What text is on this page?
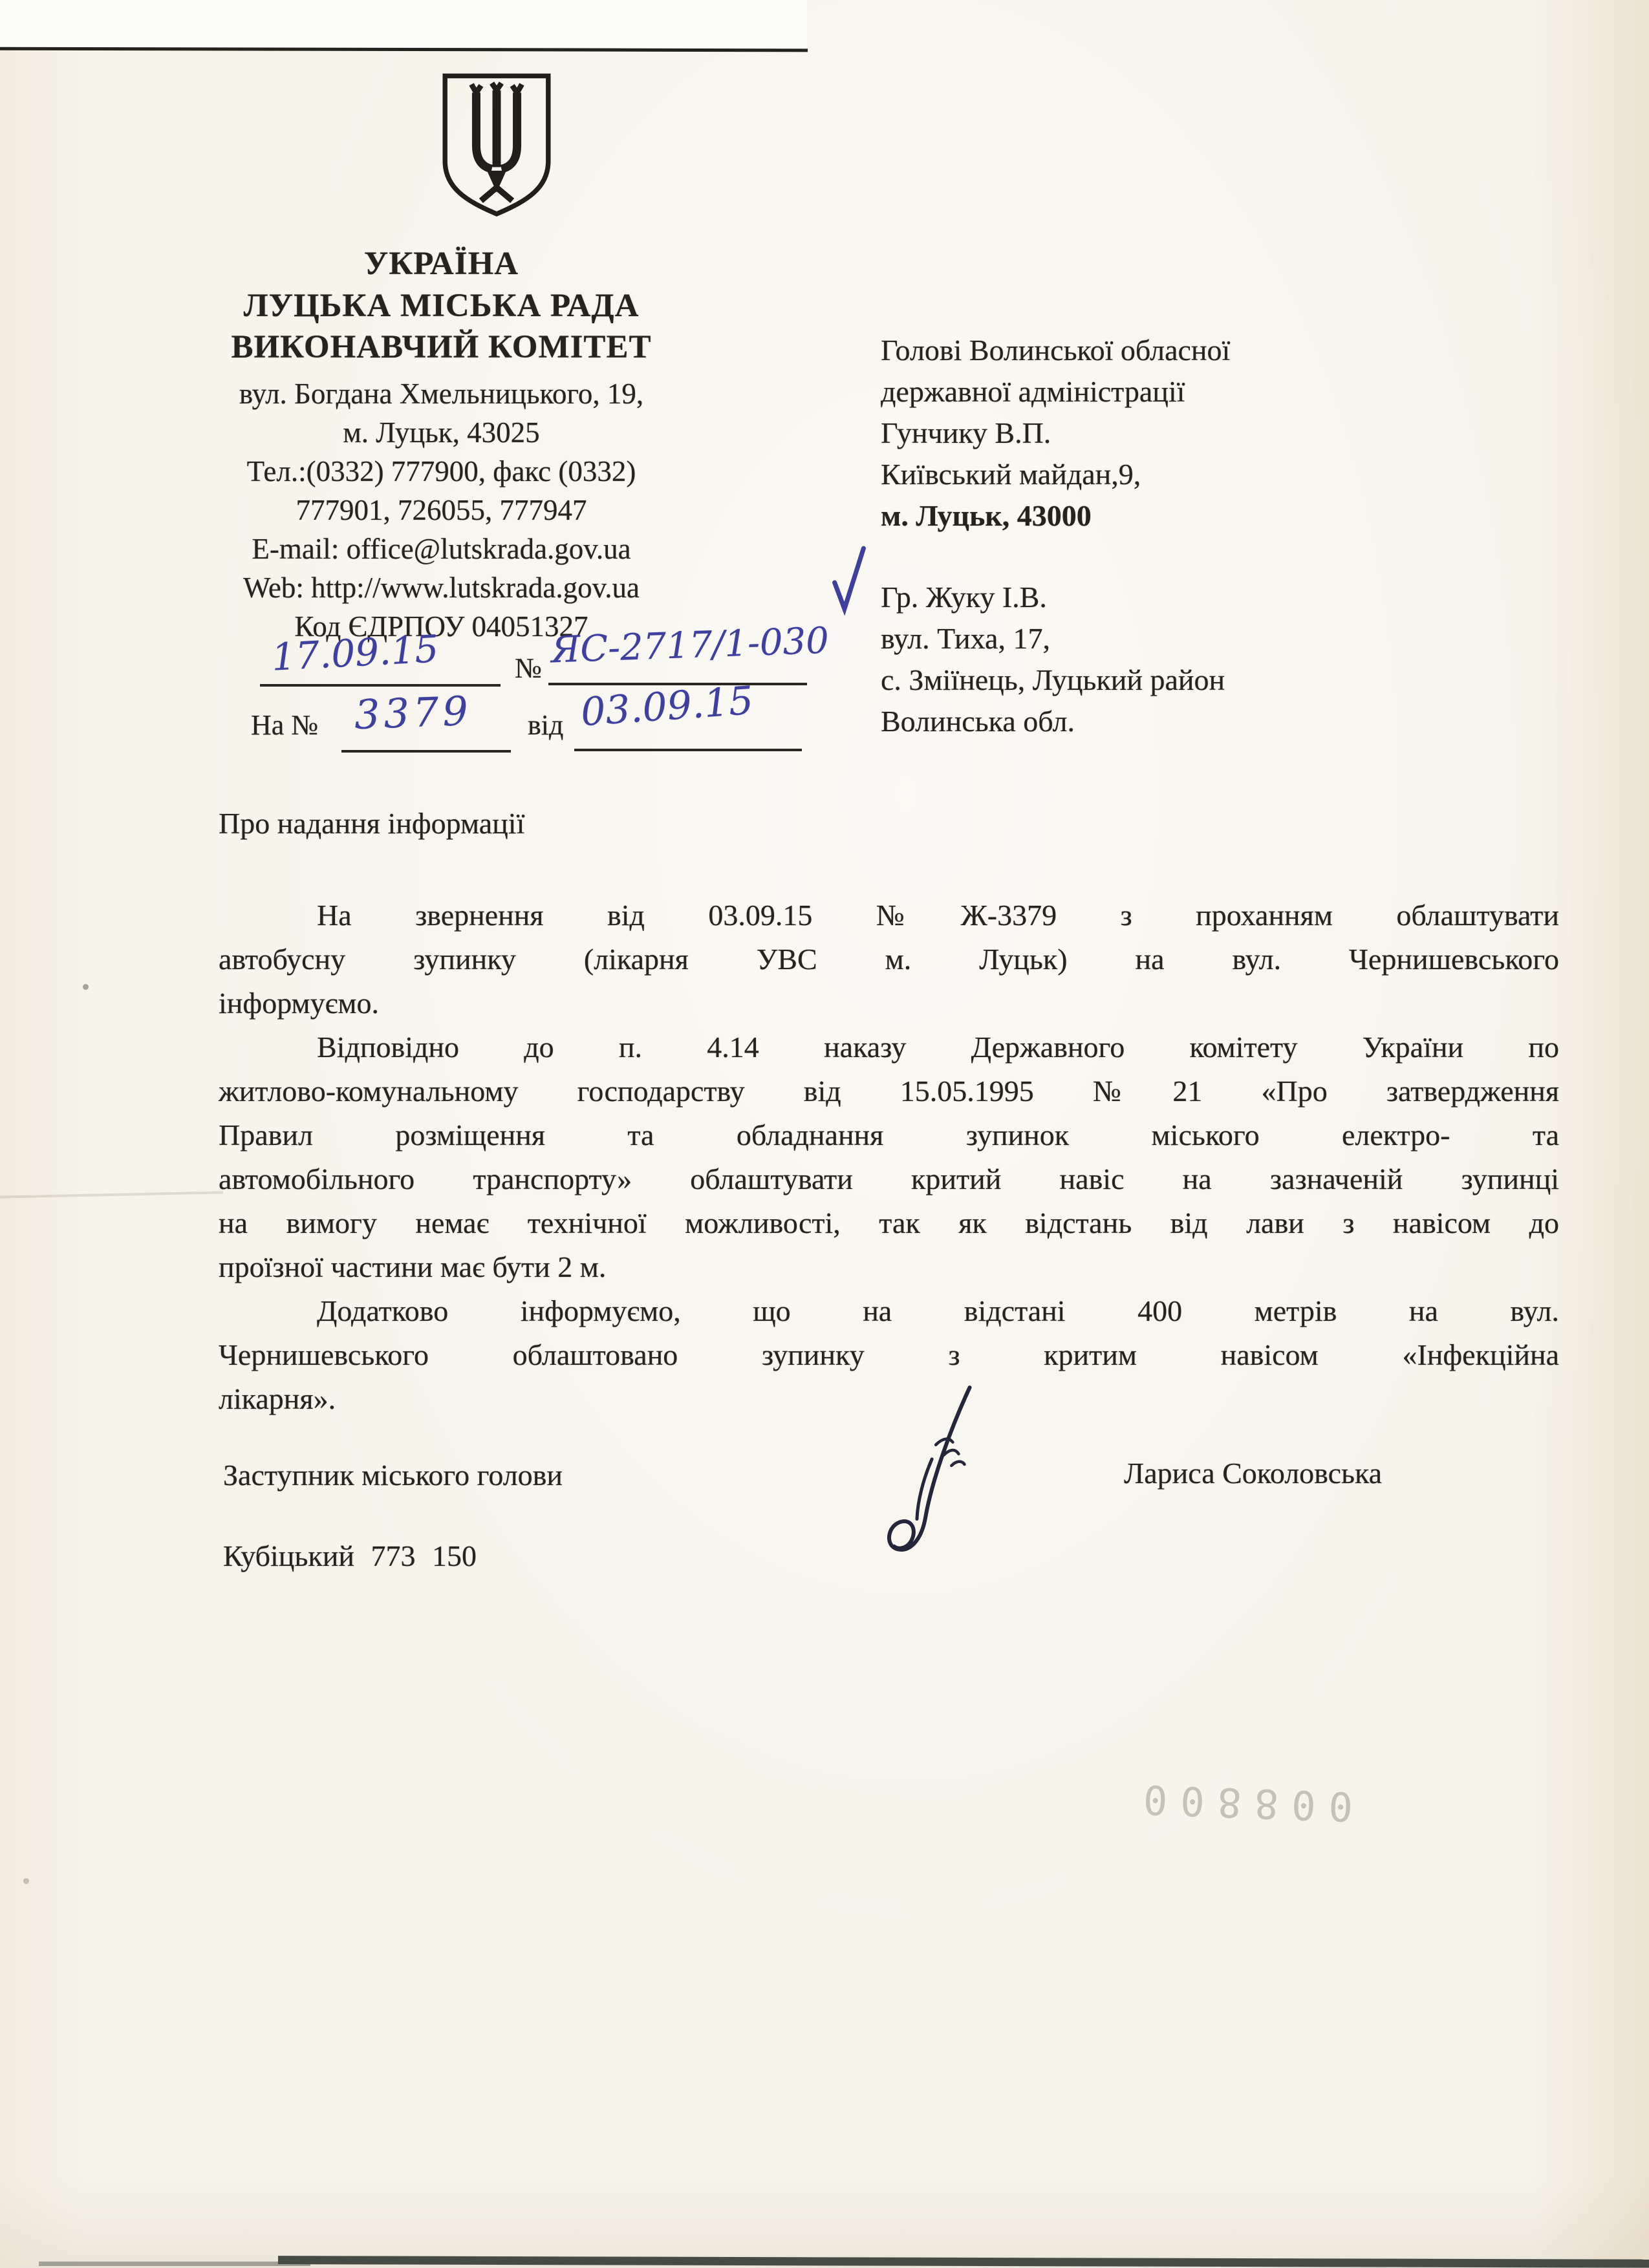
УКРАЇНА
ЛУЦЬКА МІСЬКА РАДА
ВИКОНАВЧИЙ КОМІТЕТ
вул. Богдана Хмельницького, 19,
м. Луцьк, 43025
Тел.:(0332) 777900, факс (0332)
777901, 726055, 777947
E-mail: office@lutskrada.gov.ua
Web: http://www.lutskrada.gov.ua
Код ЄДРПОУ 04051327
17.09.15	№ ЯС-2717/1-030
На № 3379 від 03.09.15
Голові Волинської обласної
державної адміністрації
Гунчику В.П.
Київський майдан,9,
м. Луцьк, 43000
Гр. Жуку І.В.
вул. Тиха, 17,
с. Зміїнець, Луцький район
Волинська обл.
Про надання інформації
На звернення від 03.09.15 №Ж-3379 з проханням облаштувати
автобусну зупинку (лікарня УВС м. Луцьк) на вул. Чернишевського
інформуємо.
Відповідно до п. 4.14 наказу Державного комітету України по
житлово-комунальному господарству від 15.05.1995 №21 «Про затвердження
Правил розміщення та обладнання зупинок міського електро- та
автомобільного транспорту» облаштувати критий навіс на зазначеній зупинці
на вимогу немає технічної можливості, так як відстань від лави з навісом до
проїзної частини має бути 2 м.
Додатково інформуємо, що на відстані 400 метрів на вул.
Чернишевського облаштовано зупинку з критим навісом «Інфекційна
лікарня».
Заступник міського голови	Лариса Соколовська
Кубіцький 773 150
008800
